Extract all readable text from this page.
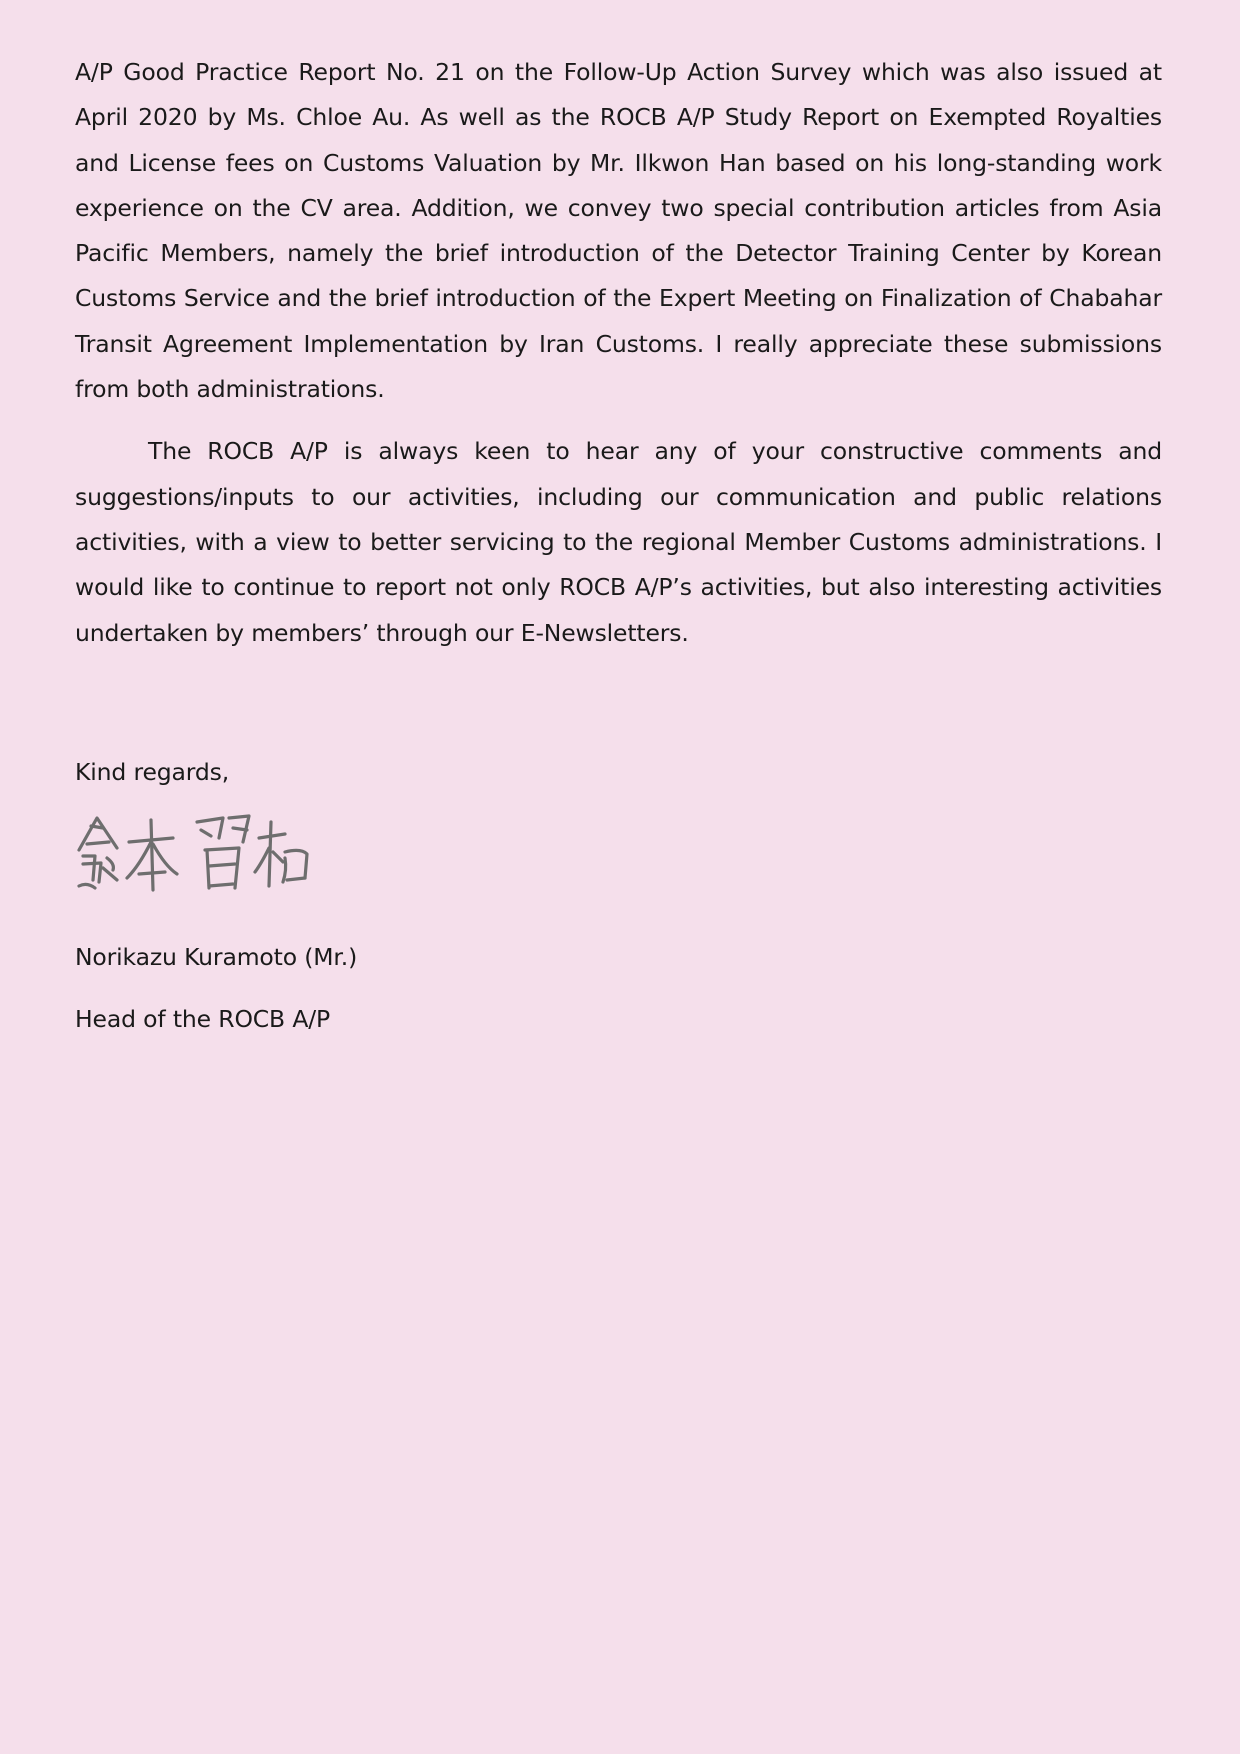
A/P Good Practice Report No. 21 on the Follow-Up Action Survey which was also issued at April 2020 by Ms. Chloe Au. As well as the ROCB A/P Study Report on Exempted Royalties and License fees on Customs Valuation by Mr. Ilkwon Han based on his long-standing work experience on the CV area. Addition, we convey two special contribution articles from Asia Pacific Members, namely the brief introduction of the Detector Training Center by Korean Customs Service and the brief introduction of the Expert Meeting on Finalization of Chabahar Transit Agreement Implementation by Iran Customs. I really appreciate these submissions from both administrations.

The ROCB A/P is always keen to hear any of your constructive comments and suggestions/inputs to our activities, including our communication and public relations activities, with a view to better servicing to the regional Member Customs administrations. I would like to continue to report not only ROCB A/P’s activities, but also interesting activities undertaken by members’ through our E-Newsletters.

Kind regards,

Norikazu Kuramoto (Mr.)

Head of the ROCB A/P
